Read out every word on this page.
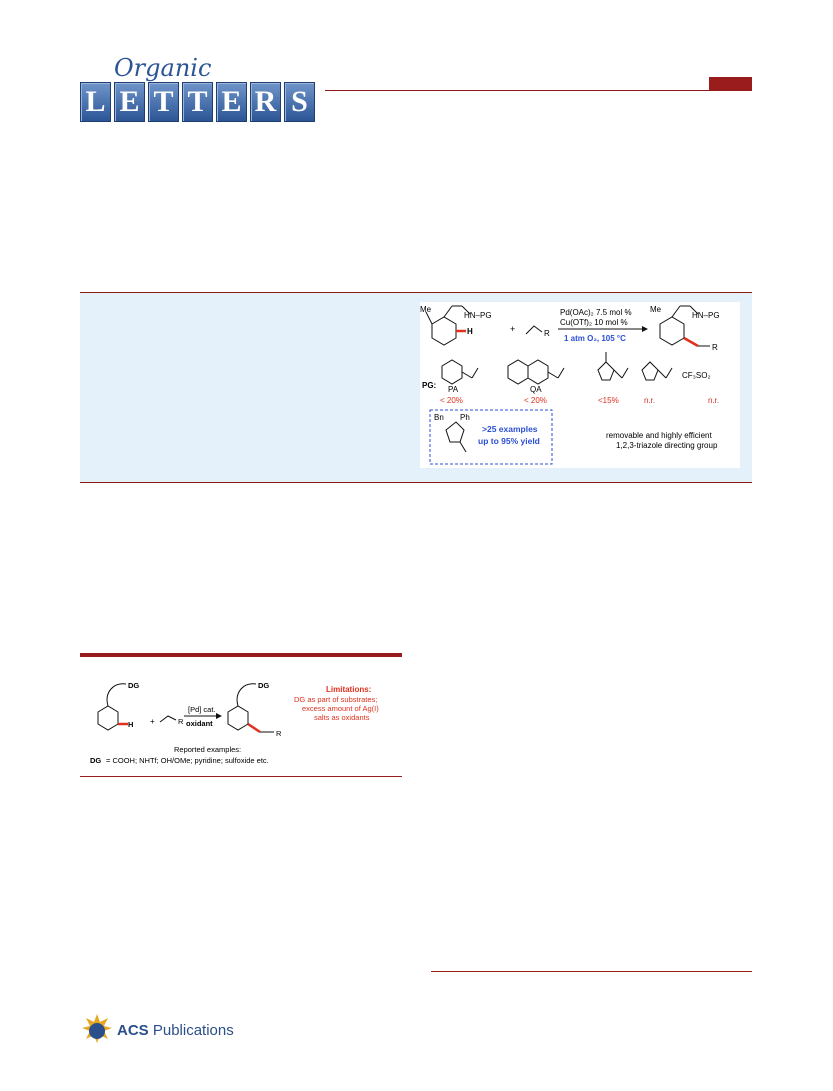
Organic
L E T T E R S
Me
HN–PG
H	+	R
Pd(OAc)₂ 7.5 mol %
Cu(OTf)₂ 10 mol %
1 atm O₂, 105 °C
Me
HN–PG
R
PG: PA	QA
CF₃SO₂
< 20%	< 20%	<15%	n.r.	n.r.
Bn Ph
>25 examples
up to 95% yield
removable and highly efficient
1,2,3-triazole directing group
DG
H +	R
[Pd] cat.
oxidant
DG
R
Limitations:
DG as part of substrates;
excess amount of Ag(I)
salts as oxidants
Reported examples:
DG = COOH; NHTf; OH/OMe; pyridine; sulfoxide etc.
ACS Publications
